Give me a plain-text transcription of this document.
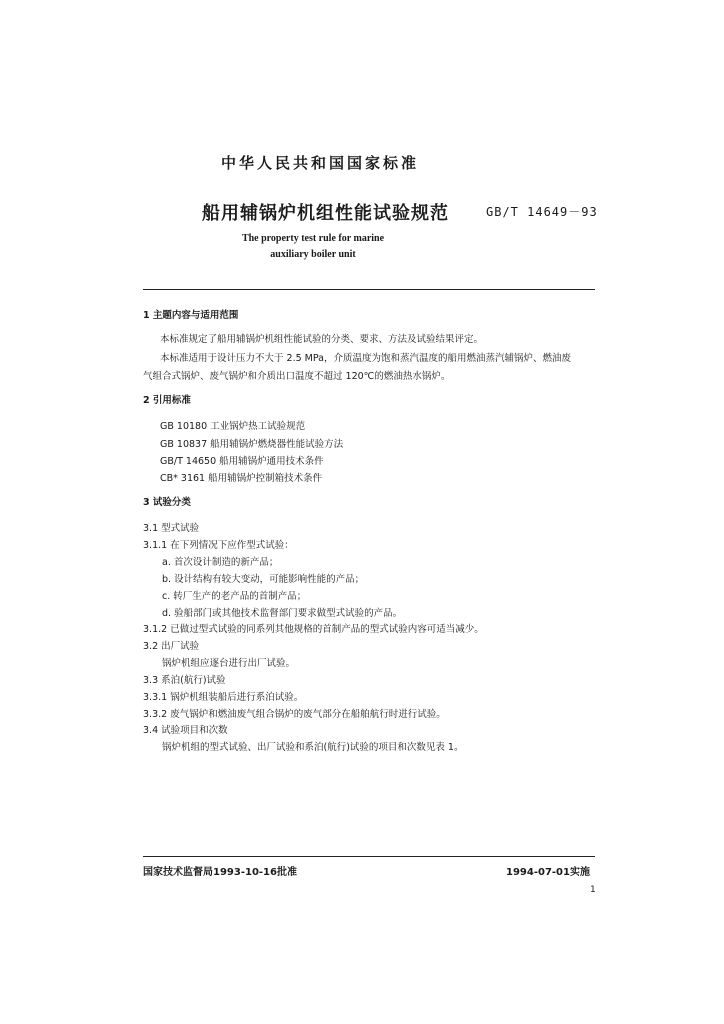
中华人民共和国国家标准
船用辅锅炉机组性能试验规范	GB/T 14649－93
The property test rule for marine
auxiliary boiler unit
1 主题内容与适用范围
本标准规定了船用辅锅炉机组性能试验的分类、要求、方法及试验结果评定。
本标准适用于设计压力不大于 2.5 MPa，介质温度为饱和蒸汽温度的船用燃油蒸汽辅锅炉、燃油废
气组合式锅炉、废气锅炉和介质出口温度不超过 120℃的燃油热水锅炉。
2 引用标准
GB 10180 工业锅炉热工试验规范
GB 10837 船用辅锅炉燃烧器性能试验方法
GB/T 14650 船用辅锅炉通用技术条件
CB* 3161 船用辅锅炉控制箱技术条件
3 试验分类
3.1 型式试验
3.1.1 在下列情况下应作型式试验：
a. 首次设计制造的新产品；
b. 设计结构有较大变动，可能影响性能的产品；
c. 转厂生产的老产品的首制产品；
d. 验船部门或其他技术监督部门要求做型式试验的产品。
3.1.2 已做过型式试验的同系列其他规格的首制产品的型式试验内容可适当减少。
3.2 出厂试验
锅炉机组应逐台进行出厂试验。
3.3 系泊(航行)试验
3.3.1 锅炉机组装船后进行系泊试验。
3.3.2 废气锅炉和燃油废气组合锅炉的废气部分在船舶航行时进行试验。
3.4 试验项目和次数
锅炉机组的型式试验、出厂试验和系泊(航行)试验的项目和次数见表 1。
国家技术监督局1993-10-16批准	1994-07-01实施
1
